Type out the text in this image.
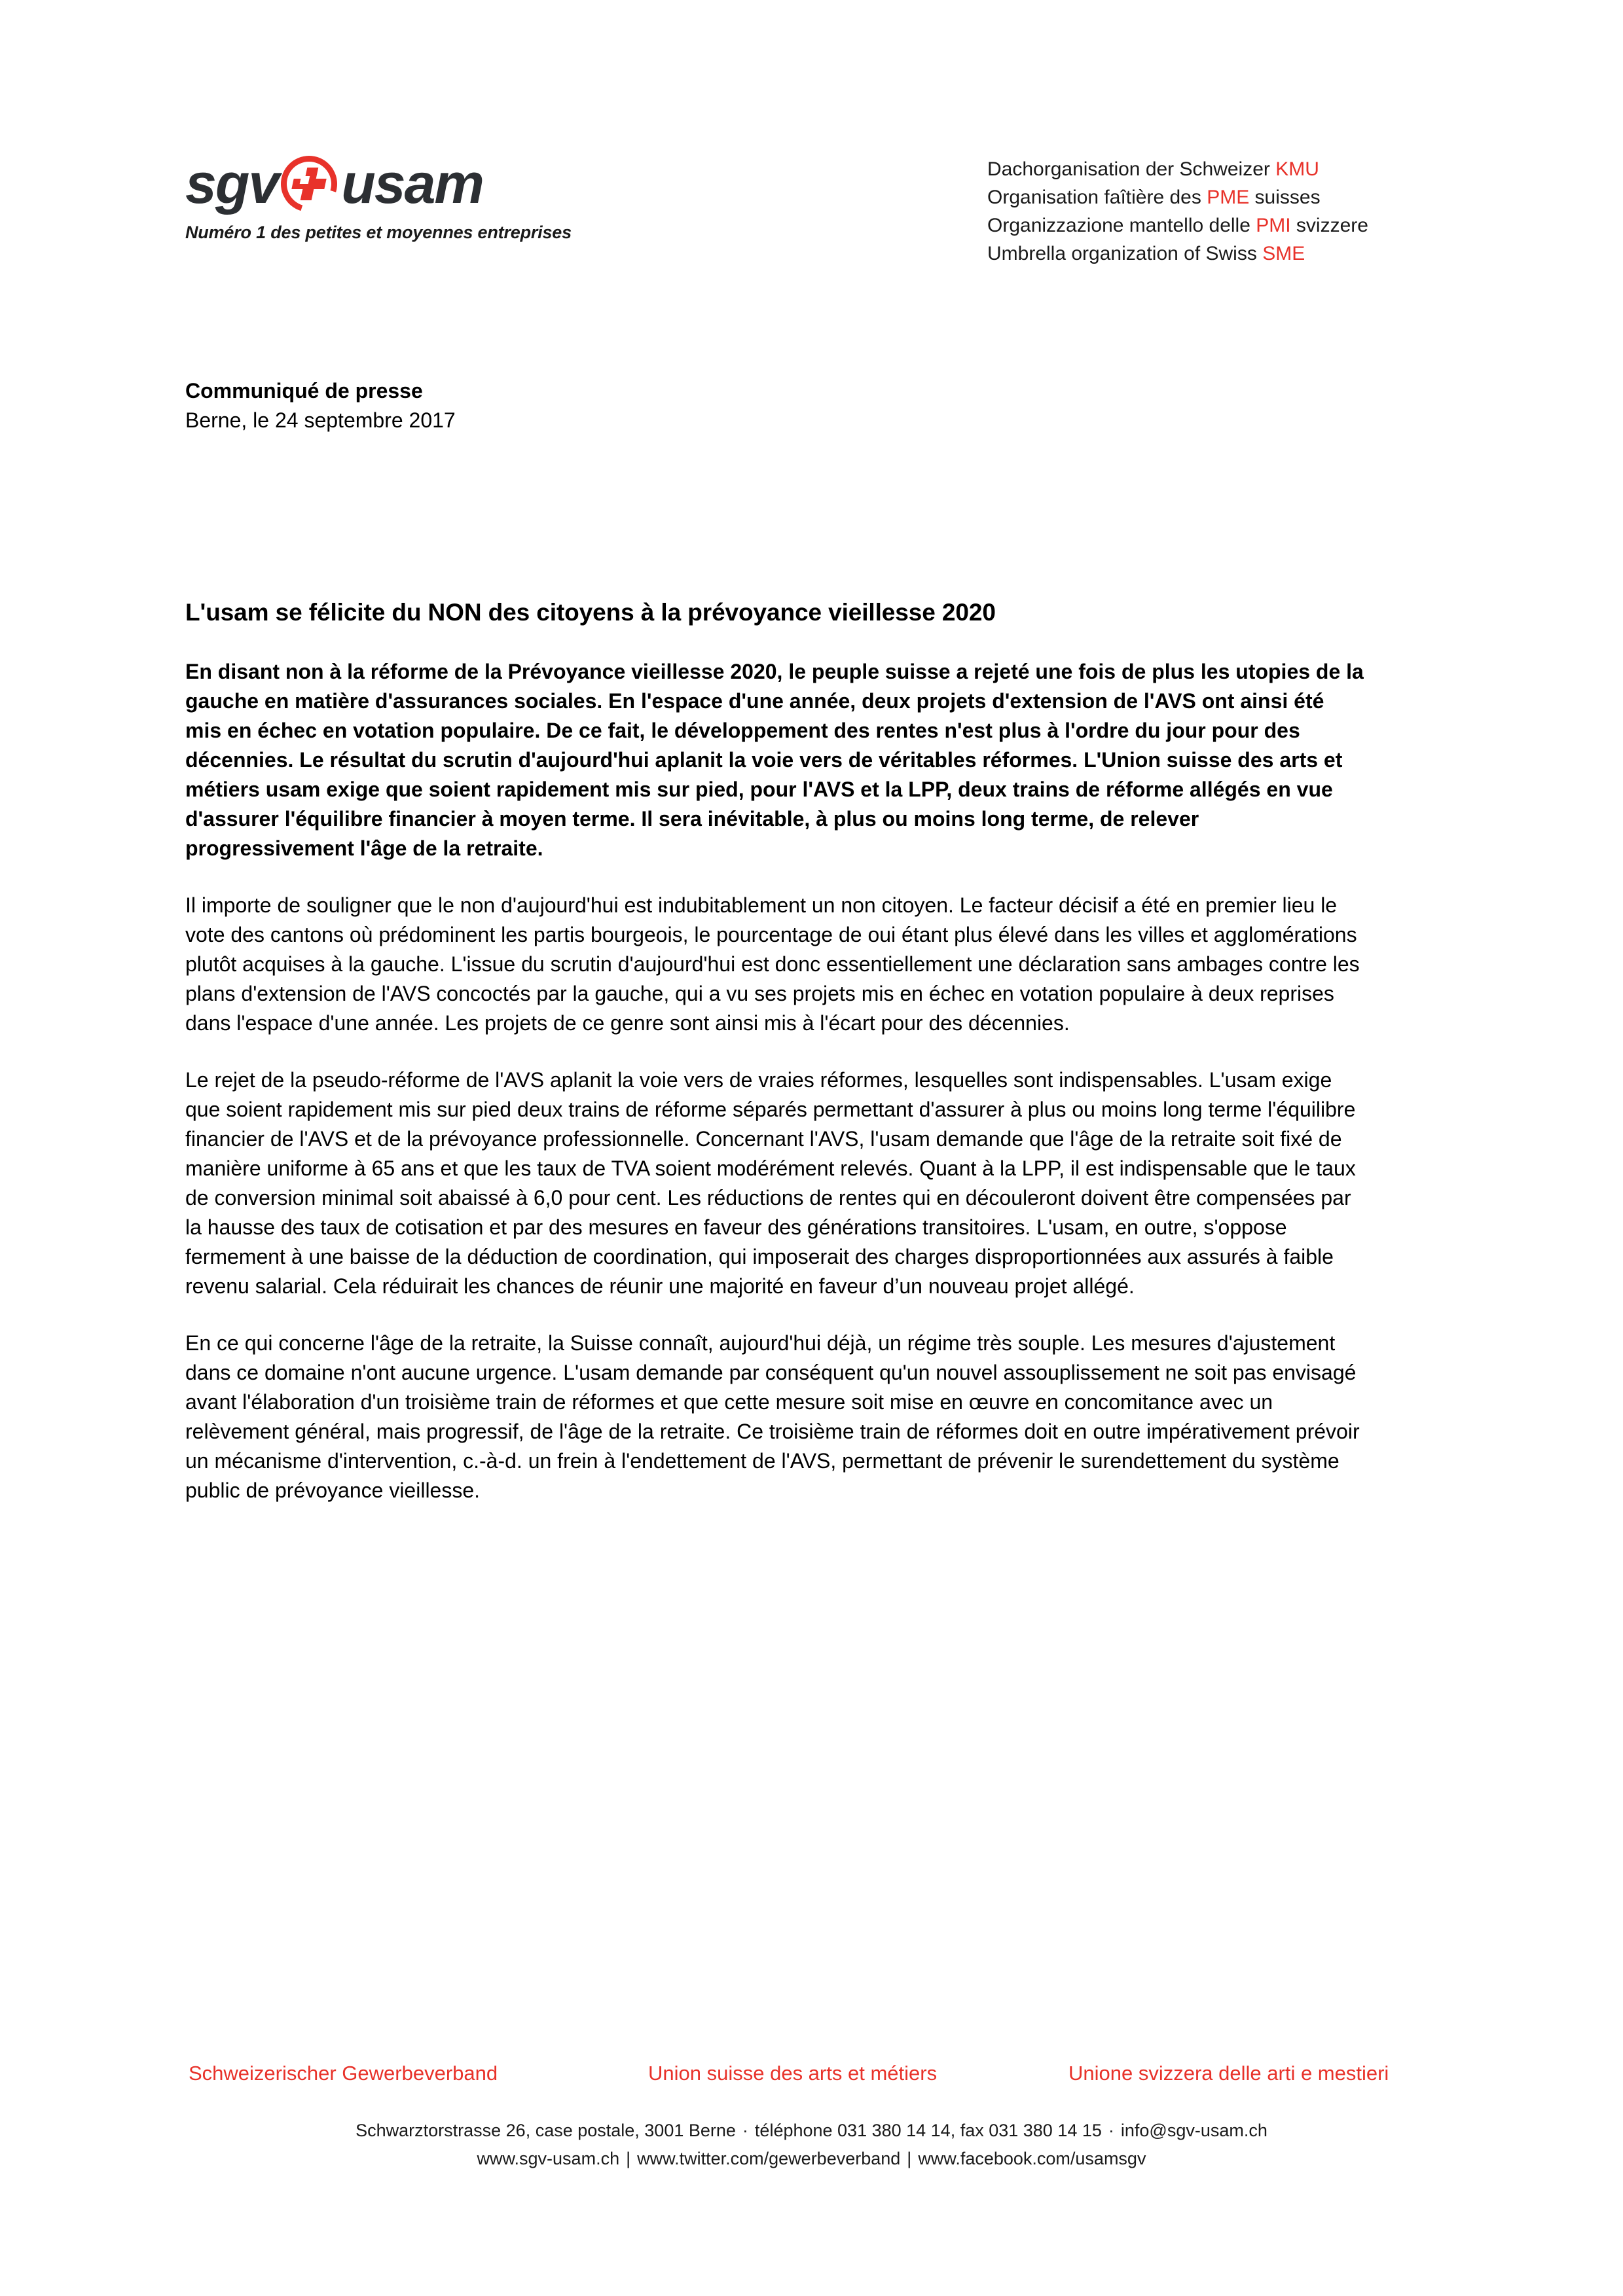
sgv usam
Numéro 1 des petites et moyennes entreprises
Dachorganisation der Schweizer KMU
Organisation faîtière des PME suisses
Organizzazione mantello delle PMI svizzere
Umbrella organization of Swiss SME
Communiqué de presse
Berne, le 24 septembre 2017
L'usam se félicite du NON des citoyens à la prévoyance vieillesse 2020

En disant non à la réforme de la Prévoyance vieillesse 2020, le peuple suisse a rejeté une fois de plus les utopies de la gauche en matière d'assurances sociales. En l'espace d'une année, deux projets d'extension de l'AVS ont ainsi été mis en échec en votation populaire. De ce fait, le développement des rentes n'est plus à l'ordre du jour pour des décennies. Le résultat du scrutin d'aujourd'hui aplanit la voie vers de véritables réformes. L'Union suisse des arts et métiers usam exige que soient rapidement mis sur pied, pour l'AVS et la LPP, deux trains de réforme allégés en vue d'assurer l'équilibre financier à moyen terme. Il sera inévitable, à plus ou moins long terme, de relever progressivement l'âge de la retraite.

Il importe de souligner que le non d'aujourd'hui est indubitablement un non citoyen. Le facteur décisif a été en premier lieu le vote des cantons où prédominent les partis bourgeois, le pourcentage de oui étant plus élevé dans les villes et agglomérations plutôt acquises à la gauche. L'issue du scrutin d'aujourd'hui est donc essentiellement une déclaration sans ambages contre les plans d'extension de l'AVS concoctés par la gauche, qui a vu ses projets mis en échec en votation populaire à deux reprises dans l'espace d'une année. Les projets de ce genre sont ainsi mis à l'écart pour des décennies.

Le rejet de la pseudo-réforme de l'AVS aplanit la voie vers de vraies réformes, lesquelles sont indispensables. L'usam exige que soient rapidement mis sur pied deux trains de réforme séparés permettant d'assurer à plus ou moins long terme l'équilibre financier de l'AVS et de la prévoyance professionnelle. Concernant l'AVS, l'usam demande que l'âge de la retraite soit fixé de manière uniforme à 65 ans et que les taux de TVA soient modérément relevés. Quant à la LPP, il est indispensable que le taux de conversion minimal soit abaissé à 6,0 pour cent. Les réductions de rentes qui en découleront doivent être compensées par la hausse des taux de cotisation et par des mesures en faveur des générations transitoires. L'usam, en outre, s'oppose fermement à une baisse de la déduction de coordination, qui imposerait des charges disproportionnées aux assurés à faible revenu salarial. Cela réduirait les chances de réunir une majorité en faveur d’un nouveau projet allégé.

En ce qui concerne l'âge de la retraite, la Suisse connaît, aujourd'hui déjà, un régime très souple. Les mesures d'ajustement dans ce domaine n'ont aucune urgence. L'usam demande par conséquent qu'un nouvel assouplissement ne soit pas envisagé avant l'élaboration d'un troisième train de réformes et que cette mesure soit mise en œuvre en concomitance avec un relèvement général, mais progressif, de l'âge de la retraite. Ce troisième train de réformes doit en outre impérativement prévoir un mécanisme d'intervention, c.-à-d. un frein à l'endettement de l'AVS, permettant de prévenir le surendettement du système public de prévoyance vieillesse.

Schweizerischer Gewerbeverband	Union suisse des arts et métiers	Unione svizzera delle arti e mestieri
Schwarztorstrasse 26, case postale, 3001 Berne · téléphone 031 380 14 14, fax 031 380 14 15 · info@sgv-usam.ch
www.sgv-usam.ch | www.twitter.com/gewerbeverband | www.facebook.com/usamsgv
